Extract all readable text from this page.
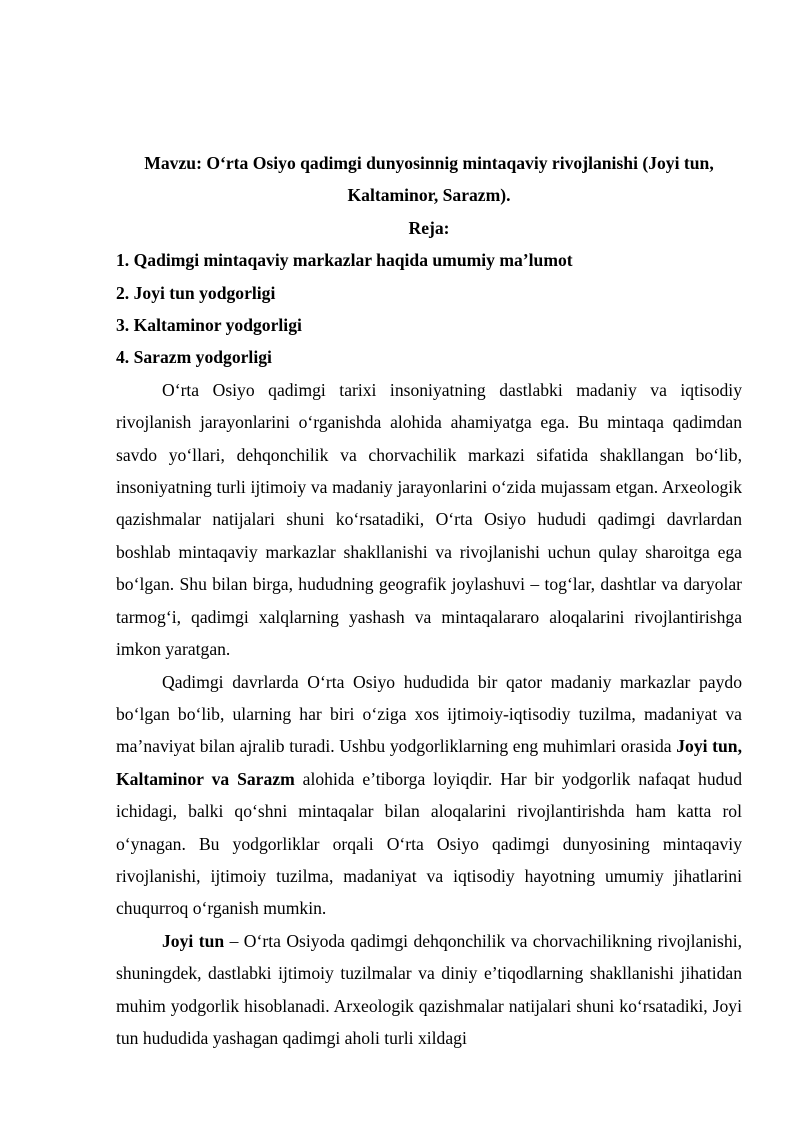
Mavzu: O‘rta Osiyo qadimgi dunyosinnig mintaqaviy rivojlanishi (Joyi tun, Kaltaminor, Sarazm).

Reja:

1. Qadimgi mintaqaviy markazlar haqida umumiy ma’lumot
2. Joyi tun yodgorligi
3. Kaltaminor yodgorligi
4. Sarazm yodgorligi

O‘rta Osiyo qadimgi tarixi insoniyatning dastlabki madaniy va iqtisodiy rivojlanish jarayonlarini o‘rganishda alohida ahamiyatga ega. Bu mintaqa qadimdan savdo yo‘llari, dehqonchilik va chorvachilik markazi sifatida shakllangan bo‘lib, insoniyatning turli ijtimoiy va madaniy jarayonlarini o‘zida mujassam etgan. Arxeologik qazishmalar natijalari shuni ko‘rsatadiki, O‘rta Osiyo hududi qadimgi davrlardan boshlab mintaqaviy markazlar shakllanishi va rivojlanishi uchun qulay sharoitga ega bo‘lgan. Shu bilan birga, hududning geografik joylashuvi – tog‘lar, dashtlar va daryolar tarmog‘i, qadimgi xalqlarning yashash va mintaqalararo aloqalarini rivojlantirishga imkon yaratgan.

Qadimgi davrlarda O‘rta Osiyo hududida bir qator madaniy markazlar paydo bo‘lgan bo‘lib, ularning har biri o‘ziga xos ijtimoiy-iqtisodiy tuzilma, madaniyat va ma’naviyat bilan ajralib turadi. Ushbu yodgorliklarning eng muhimlari orasida Joyi tun, Kaltaminor va Sarazm alohida e’tiborga loyiqdir. Har bir yodgorlik nafaqat hudud ichidagi, balki qo‘shni mintaqalar bilan aloqalarini rivojlantirishda ham katta rol o‘ynagan. Bu yodgorliklar orqali O‘rta Osiyo qadimgi dunyosining mintaqaviy rivojlanishi, ijtimoiy tuzilma, madaniyat va iqtisodiy hayotning umumiy jihatlarini chuqurroq o‘rganish mumkin.

Joyi tun – O‘rta Osiyoda qadimgi dehqonchilik va chorvachilikning rivojlanishi, shuningdek, dastlabki ijtimoiy tuzilmalar va diniy e’tiqodlarning shakllanishi jihatidan muhim yodgorlik hisoblanadi. Arxeologik qazishmalar natijalari shuni ko‘rsatadiki, Joyi tun hududida yashagan qadimgi aholi turli xildagi
